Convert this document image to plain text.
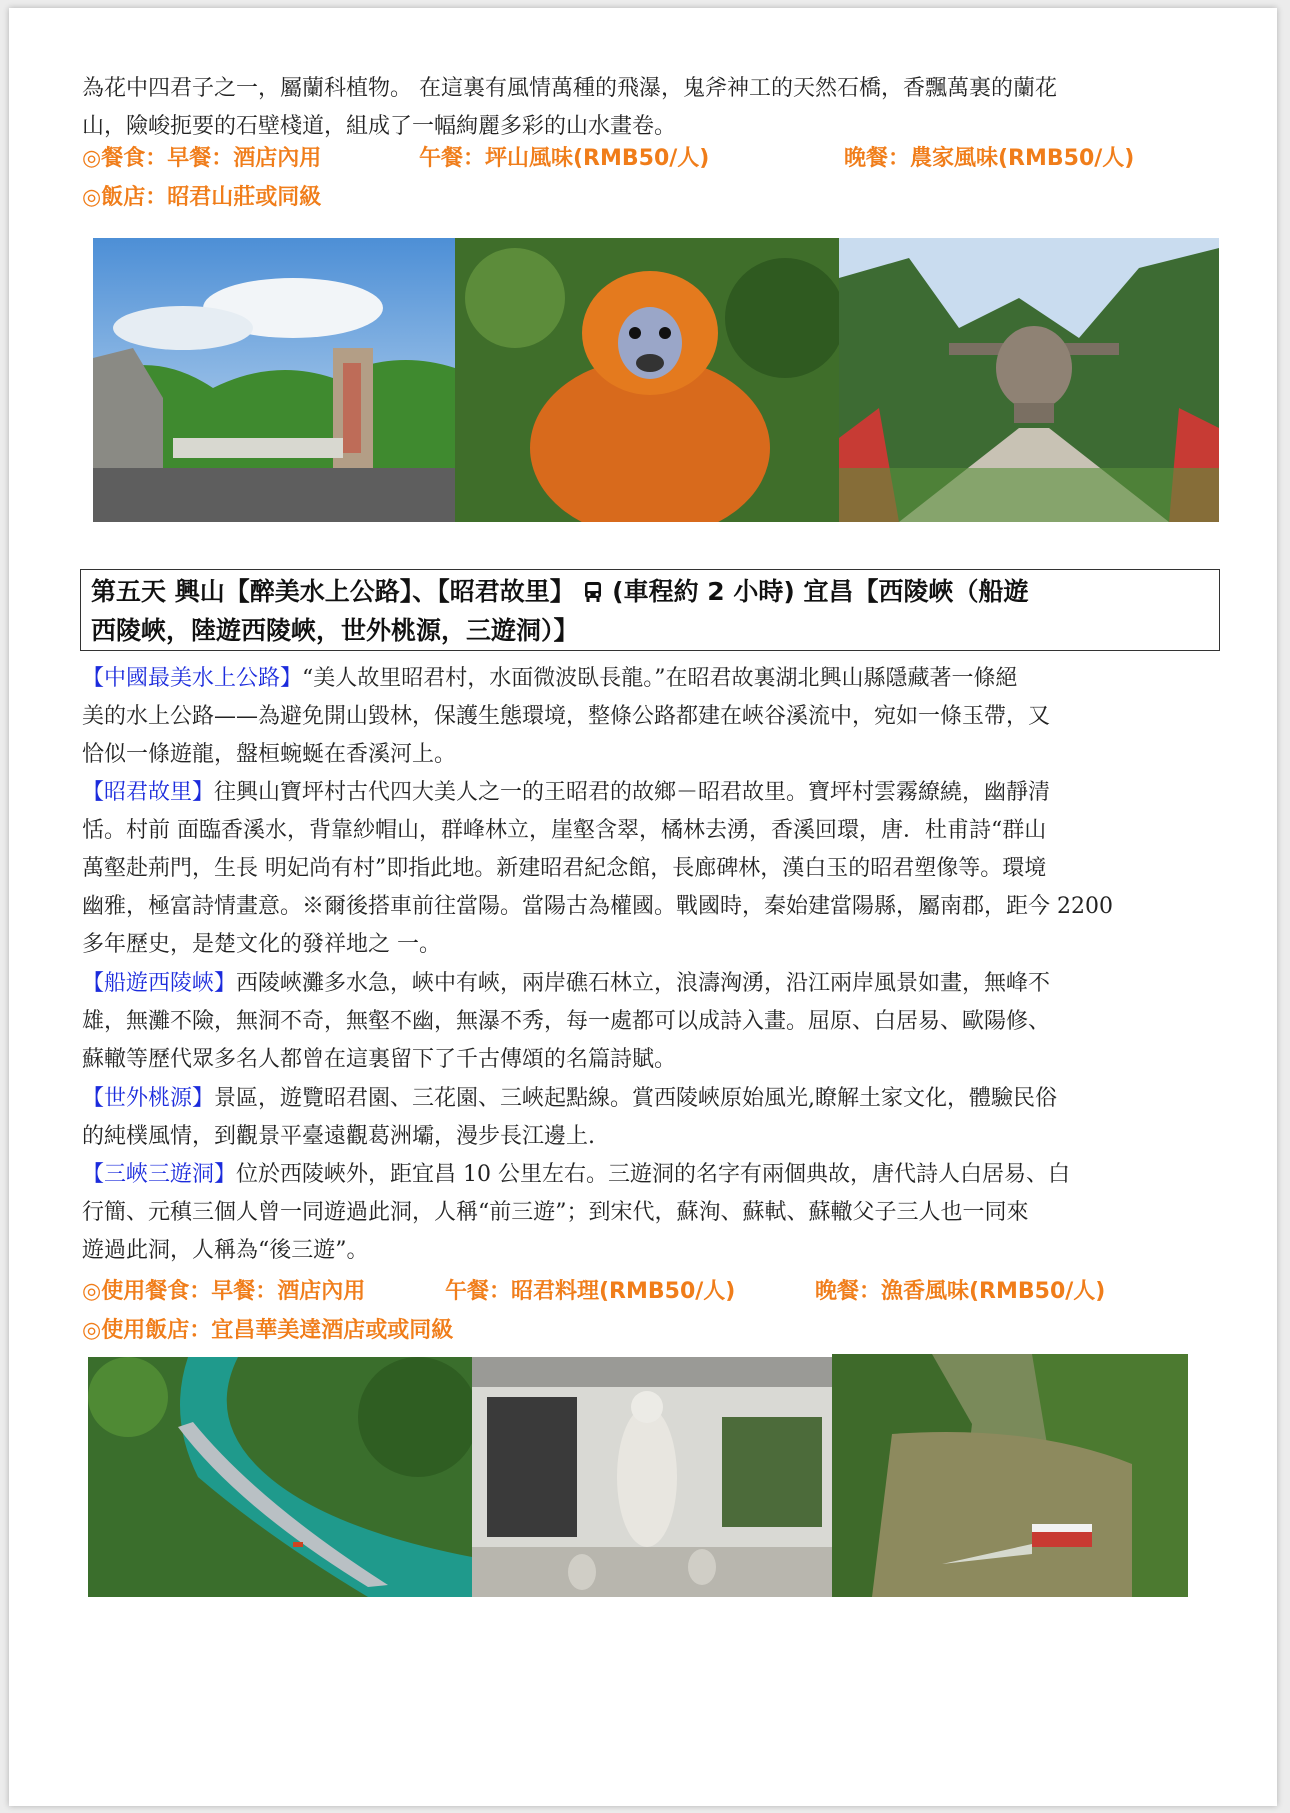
為花中四君子之一，屬蘭科植物。 在這裏有風情萬種的飛瀑，鬼斧神工的天然石橋，香飄萬裏的蘭花
山，險峻扼要的石壁棧道，組成了一幅絢麗多彩的山水畫卷。
◎餐食：早餐：酒店內用	午餐：坪山風味(RMB50/人)	晚餐：農家風味(RMB50/人)
◎飯店：昭君山莊或同級
第五天 興山【醉美水上公路】、【昭君故里】 (車程約 2 小時) 宜昌【西陵峽（船遊
西陵峽，陸遊西陵峽，世外桃源，三遊洞）】
【中國最美水上公路】“美人故里昭君村，水面微波臥長龍。”在昭君故裏湖北興山縣隱藏著一條絕
美的水上公路——為避免開山毀林，保護生態環境，整條公路都建在峽谷溪流中，宛如一條玉帶，又
恰似一條遊龍，盤桓蜿蜒在香溪河上。
【昭君故里】往興山寶坪村古代四大美人之一的王昭君的故鄉－昭君故里。寶坪村雲霧繚繞，幽靜清
恬。村前 面臨香溪水，背靠紗帽山，群峰林立，崖壑含翠，橘林去湧，香溪回環，唐．杜甫詩“群山
萬壑赴荊門，生長 明妃尚有村”即指此地。新建昭君紀念館，長廊碑林，漢白玉的昭君塑像等。環境
幽雅，極富詩情畫意。※爾後搭車前往當陽。當陽古為權國。戰國時，秦始建當陽縣，屬南郡，距今 2200
多年歷史，是楚文化的發祥地之 一。
【船遊西陵峽】西陵峽灘多水急，峽中有峽，兩岸礁石林立，浪濤洶湧，沿江兩岸風景如畫，無峰不
雄，無灘不險，無洞不奇，無壑不幽，無瀑不秀，每一處都可以成詩入畫。屈原、白居易、歐陽修、
蘇轍等歷代眾多名人都曾在這裏留下了千古傳頌的名篇詩賦。
【世外桃源】景區，遊覽昭君園、三花園、三峽起點線。賞西陵峽原始風光,瞭解土家文化，體驗民俗
的純樸風情，到觀景平臺遠觀葛洲壩，漫步長江邊上.
【三峽三遊洞】位於西陵峽外，距宜昌 10 公里左右。三遊洞的名字有兩個典故，唐代詩人白居易、白
行簡、元稹三個人曾一同遊過此洞，人稱“前三遊”；到宋代，蘇洵、蘇軾、蘇轍父子三人也一同來
遊過此洞，人稱為“後三遊”。
◎使用餐食：早餐：酒店內用	午餐：昭君料理(RMB50/人)	晚餐：漁香風味(RMB50/人)
◎使用飯店：宜昌華美達酒店或或同級
